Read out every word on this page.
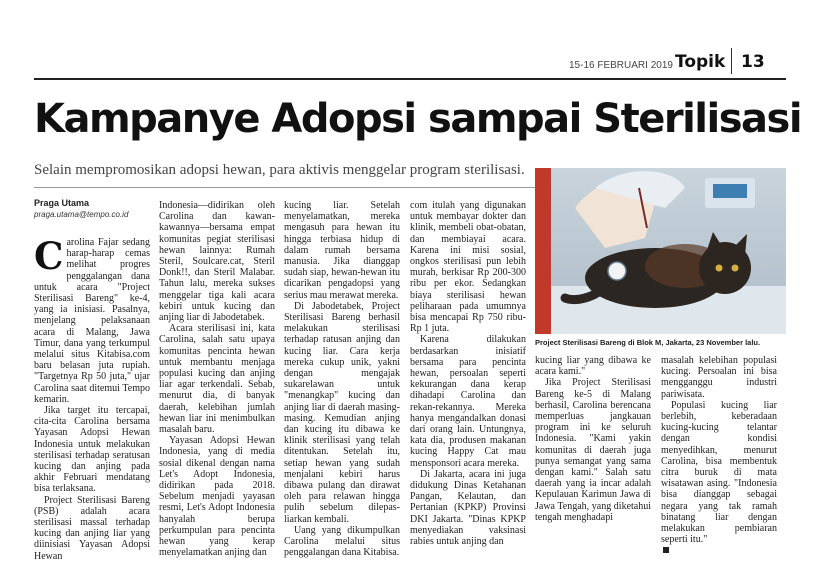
15-16 FEBRUARI 2019 Topik 13
Kampanye Adopsi sampai Sterilisasi
Selain mempromosikan adopsi hewan, para aktivis menggelar program sterilisasi.
Praga Utama
praga.utama@tempo.co.id
C arolina Fajar sedang harap-harap cemas melihat progres penggalangan dana untuk acara "Project Sterilisasi Bareng" ke-4, yang ia inisiasi. Pasalnya, menjelang pelaksanaan acara di Malang, Jawa Timur, dana yang terkumpul melalui situs Kitabisa.com baru belasan juta rupiah. "Targetnya Rp 50 juta," ujar Carolina saat ditemui Tempo kemarin.

Jika target itu tercapai, cita-cita Carolina bersama Yayasan Adopsi Hewan Indonesia untuk melakukan sterilisasi terhadap seratusan kucing dan anjing pada akhir Februari mendatang bisa terlaksana.

Project Sterilisasi Bareng (PSB) adalah acara sterilisasi massal terhadap kucing dan anjing liar yang diinisiasi Yayasan Adopsi Hewan

Indonesia—didirikan oleh Carolina dan kawan-kawannya—bersama empat komunitas pegiat sterilisasi hewan lainnya: Rumah Steril, Soulcare.cat, Steril Donk!!, dan Steril Malabar. Tahun lalu, mereka sukses menggelar tiga kali acara kebiri untuk kucing dan anjing liar di Jabodetabek.

Acara sterilisasi ini, kata Carolina, salah satu upaya komunitas pencinta hewan untuk membantu menjaga populasi kucing dan anjing liar agar terkendali. Sebab, menurut dia, di banyak daerah, kelebihan jumlah hewan liar ini menimbulkan masalah baru.

Yayasan Adopsi Hewan Indonesia, yang di media sosial dikenal dengan nama Let's Adopt Indonesia, didirikan pada 2018. Sebelum menjadi yayasan resmi, Let's Adopt Indonesia hanyalah berupa perkumpulan para pencinta hewan yang kerap menyelamatkan anjing dan

kucing liar. Setelah menyelamatkan, mereka mengasuh para hewan itu hingga terbiasa hidup di dalam rumah bersama manusia. Jika dianggap sudah siap, hewan-hewan itu dicarikan pengadopsi yang serius mau merawat mereka.

Di Jabodetabek, Project Sterilisasi Bareng berhasil melakukan sterilisasi terhadap ratusan anjing dan kucing liar. Cara kerja mereka cukup unik, yakni dengan mengajak sukarelawan untuk "menangkap" kucing dan anjing liar di daerah masing-masing. Kemudian anjing dan kucing itu dibawa ke klinik sterilisasi yang telah ditentukan. Setelah itu, setiap hewan yang sudah menjalani kebiri harus dibawa pulang dan dirawat oleh para relawan hingga pulih sebelum dilepas-liarkan kembali.

Uang yang dikumpulkan Carolina melalui situs penggalangan dana Kitabisa.

com itulah yang digunakan untuk membayar dokter dan klinik, membeli obat-obatan, dan membiayai acara. Karena ini misi sosial, ongkos sterilisasi pun lebih murah, berkisar Rp 200-300 ribu per ekor. Sedangkan biaya sterilisasi hewan peliharaan pada umumnya bisa mencapai Rp 750 ribu-Rp 1 juta.

Karena dilakukan berdasarkan inisiatif bersama para pencinta hewan, persoalan seperti kekurangan dana kerap dihadapi Carolina dan rekan-rekannya. Mereka hanya mengandalkan donasi dari orang lain. Untungnya, kata dia, produsen makanan kucing Happy Cat mau mensponsori acara mereka.

Di Jakarta, acara ini juga didukung Dinas Ketahanan Pangan, Kelautan, dan Pertanian (KPKP) Provinsi DKI Jakarta. "Dinas KPKP menyediakan vaksinasi rabies untuk anjing dan

Project Sterilisasi Bareng di Blok M, Jakarta, 23 November lalu.

kucing liar yang dibawa ke acara kami."

Jika Project Sterilisasi Bareng ke-5 di Malang berhasil, Carolina berencana memperluas jangkauan program ini ke seluruh Indonesia. "Kami yakin komunitas di daerah juga punya semangat yang sama dengan kami." Salah satu daerah yang ia incar adalah Kepulauan Karimun Jawa di Jawa Tengah, yang diketahui tengah menghadapi

masalah kelebihan populasi kucing. Persoalan ini bisa mengganggu industri pariwisata.

Populasi kucing liar berlebih, keberadaan kucing-kucing telantar dengan kondisi menyedihkan, menurut Carolina, bisa membentuk citra buruk di mata wisatawan asing. "Indonesia bisa dianggap sebagai negara yang tak ramah binatang liar dengan melakukan pembiaran seperti itu."
